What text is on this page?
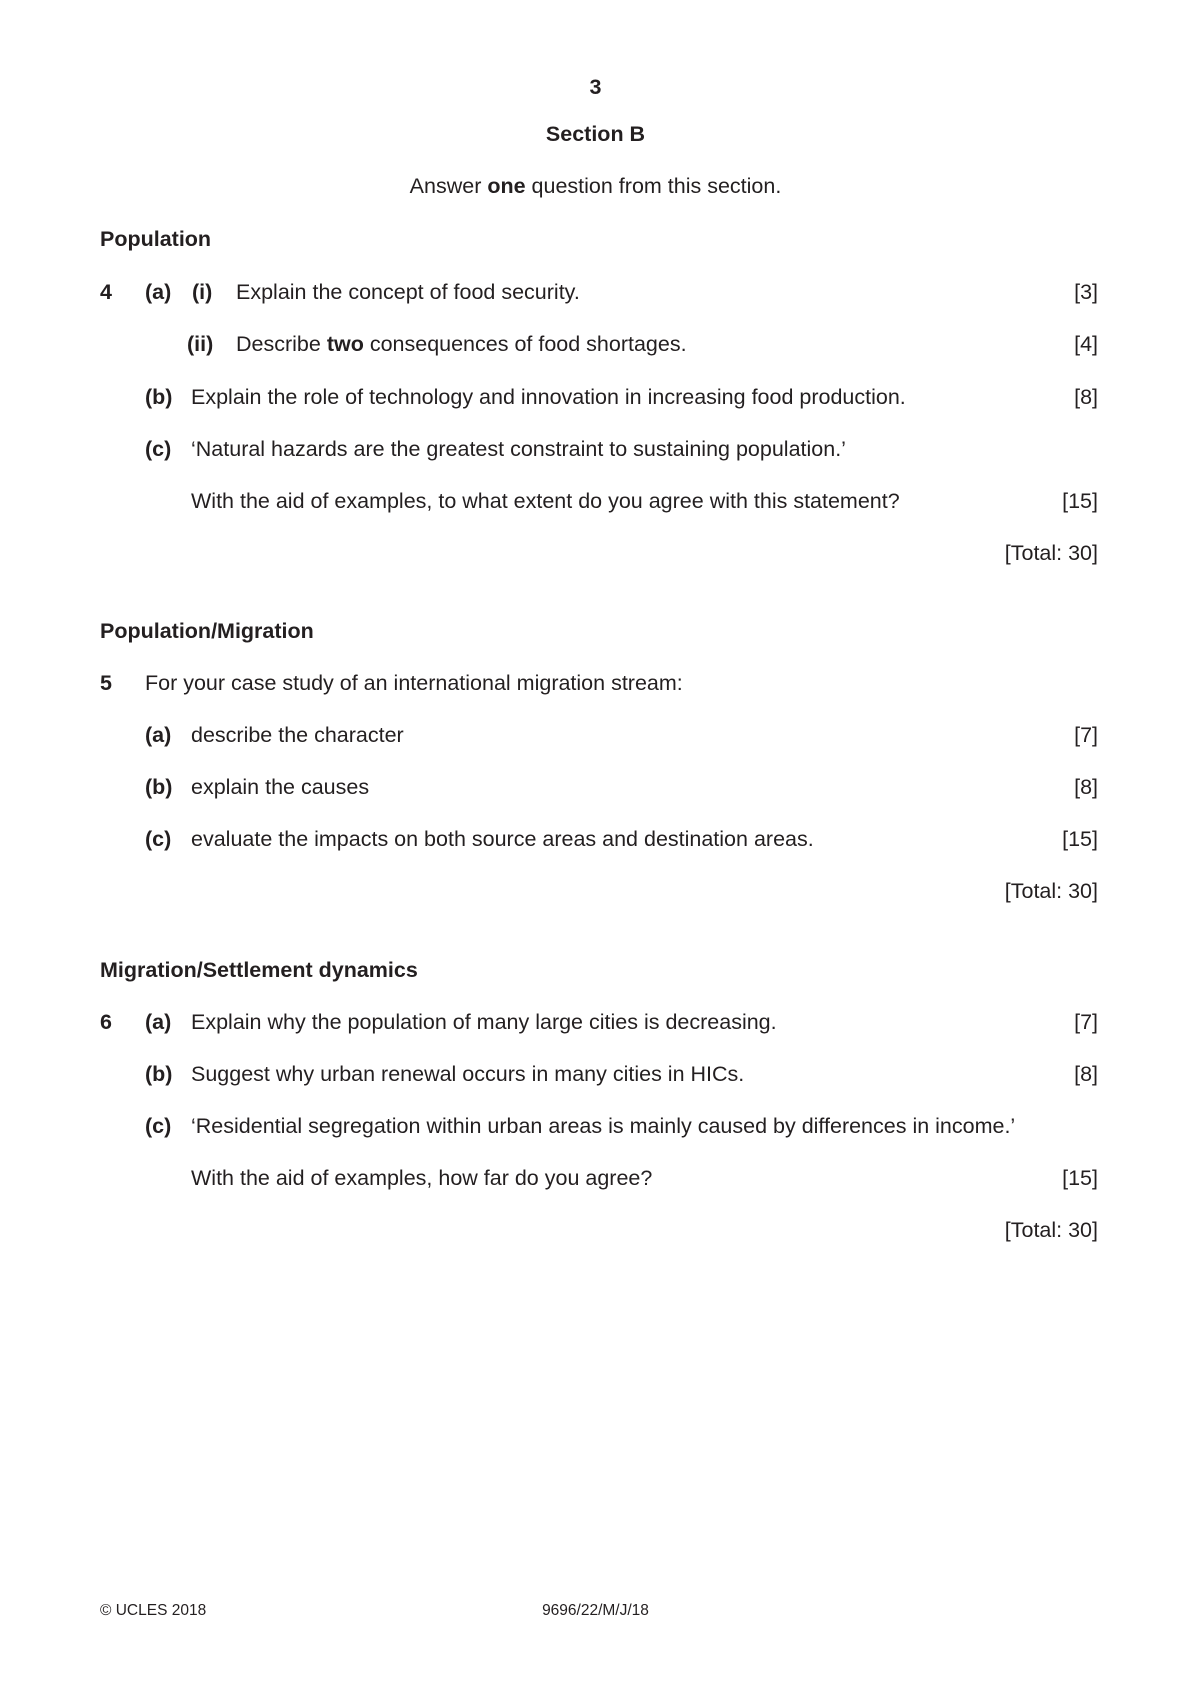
3
Section B
Answer one question from this section.
Population
4 (a) (i) Explain the concept of food security.	[3]
(ii) Describe two consequences of food shortages.	[4]
(b) Explain the role of technology and innovation in increasing food production.	[8]
(c) ‘Natural hazards are the greatest constraint to sustaining population.’
With the aid of examples, to what extent do you agree with this statement?	[15]
[Total: 30]
Population/Migration
5 For your case study of an international migration stream:
(a) describe the character	[7]
(b) explain the causes	[8]
(c) evaluate the impacts on both source areas and destination areas.	[15]
[Total: 30]
Migration/Settlement dynamics
6 (a) Explain why the population of many large cities is decreasing.	[7]
(b) Suggest why urban renewal occurs in many cities in HICs.	[8]
(c) ‘Residential segregation within urban areas is mainly caused by differences in income.’
With the aid of examples, how far do you agree?	[15]
[Total: 30]
© UCLES 2018	9696/22/M/J/18
